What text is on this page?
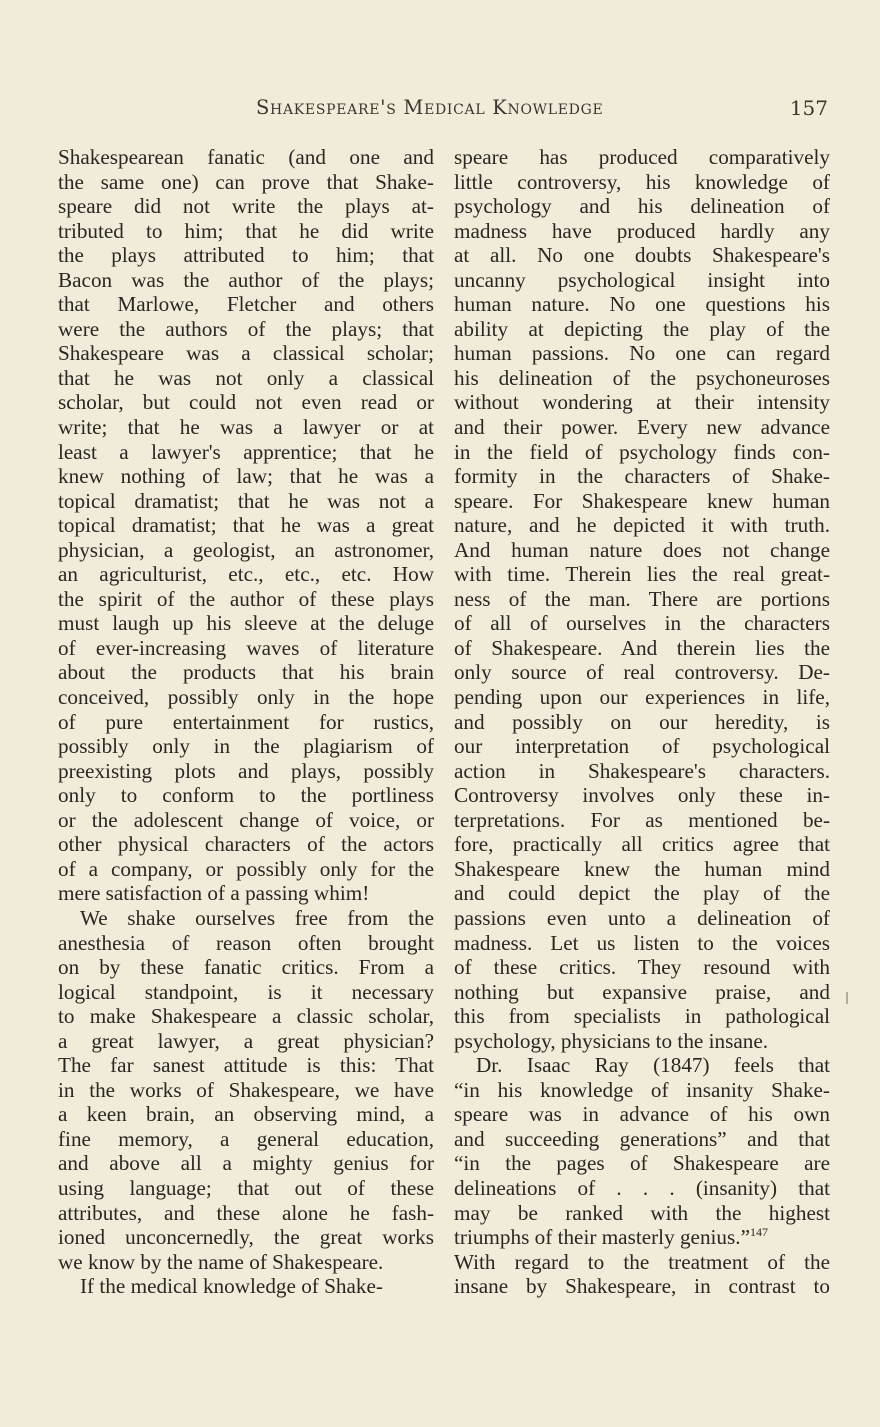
Shakespeare's Medical Knowledge	157
Shakespearean fanatic (and one and
the same one) can prove that Shake-
speare did not write the plays at-
tributed to him; that he did write
the plays attributed to him; that
Bacon was the author of the plays;
that Marlowe, Fletcher and others
were the authors of the plays; that
Shakespeare was a classical scholar;
that he was not only a classical
scholar, but could not even read or
write; that he was a lawyer or at
least a lawyer's apprentice; that he
knew nothing of law; that he was a
topical dramatist; that he was not a
topical dramatist; that he was a great
physician, a geologist, an astronomer,
an agriculturist, etc., etc., etc. How
the spirit of the author of these plays
must laugh up his sleeve at the deluge
of ever-increasing waves of literature
about the products that his brain
conceived, possibly only in the hope
of pure entertainment for rustics,
possibly only in the plagiarism of
preexisting plots and plays, possibly
only to conform to the portliness
or the adolescent change of voice, or
other physical characters of the actors
of a company, or possibly only for the
mere satisfaction of a passing whim!
We shake ourselves free from the
anesthesia of reason often brought
on by these fanatic critics. From a
logical standpoint, is it necessary
to make Shakespeare a classic scholar,
a great lawyer, a great physician?
The far sanest attitude is this: That
in the works of Shakespeare, we have
a keen brain, an observing mind, a
fine memory, a general education,
and above all a mighty genius for
using language; that out of these
attributes, and these alone he fash-
ioned unconcernedly, the great works
we know by the name of Shakespeare.
If the medical knowledge of Shake-
speare has produced comparatively
little controversy, his knowledge of
psychology and his delineation of
madness have produced hardly any
at all. No one doubts Shakespeare's
uncanny psychological insight into
human nature. No one questions his
ability at depicting the play of the
human passions. No one can regard
his delineation of the psychoneuroses
without wondering at their intensity
and their power. Every new advance
in the field of psychology finds con-
formity in the characters of Shake-
speare. For Shakespeare knew human
nature, and he depicted it with truth.
And human nature does not change
with time. Therein lies the real great-
ness of the man. There are portions
of all of ourselves in the characters
of Shakespeare. And therein lies the
only source of real controversy. De-
pending upon our experiences in life,
and possibly on our heredity, is
our interpretation of psychological
action in Shakespeare's characters.
Controversy involves only these in-
terpretations. For as mentioned be-
fore, practically all critics agree that
Shakespeare knew the human mind
and could depict the play of the
passions even unto a delineation of
madness. Let us listen to the voices
of these critics. They resound with
nothing but expansive praise, and
this from specialists in pathological
psychology, physicians to the insane.
Dr. Isaac Ray (1847) feels that
“in his knowledge of insanity Shake-
speare was in advance of his own
and succeeding generations” and that
“in the pages of Shakespeare are
delineations of . . . (insanity) that
may be ranked with the highest
triumphs of their masterly genius.”$^{147}$
With regard to the treatment of the
insane by Shakespeare, in contrast to
